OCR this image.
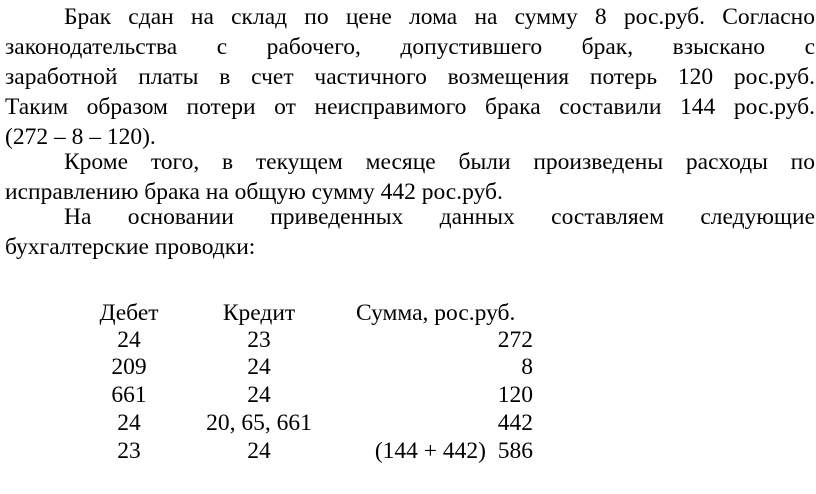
Брак сдан на склад по цене лома на сумму 8 рос.руб. Согласно
законодательства с рабочего, допустившего брак, взыскано с
заработной платы в счет частичного возмещения потерь 120 рос.руб.
Таким образом потери от неисправимого брака составили 144 рос.руб.
(272 – 8 – 120).
Кроме того, в текущем месяце были произведены расходы по
исправлению брака на общую сумму 442 рос.руб.
На основании приведенных данных составляем следующие
бухгалтерские проводки:
Дебет	Кредит	Сумма, рос.руб.
24	23	272
209	24	8
661	24	120
24	20, 65, 661	442
23	24	(144 + 442)  586
